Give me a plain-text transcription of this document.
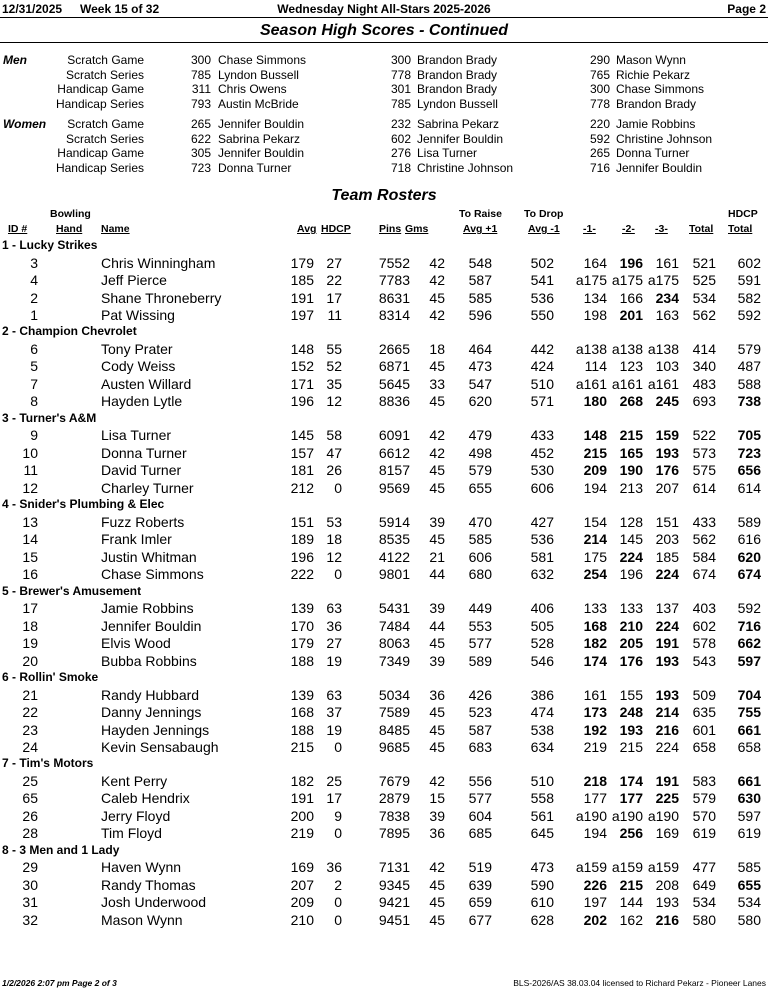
12/31/2025 Week 15 of 32	Wednesday Night All-Stars 2025-2026	Page 2
Season High Scores - Continued
Men	Scratch Game	300 Chase Simmons	300 Brandon Brady	290 Mason Wynn
Scratch Series	785 Lyndon Bussell	778 Brandon Brady	765 Richie Pekarz
Handicap Game	311 Chris Owens	301 Brandon Brady	300 Chase Simmons
Handicap Series	793 Austin McBride	785 Lyndon Bussell	778 Brandon Brady
Women Scratch Game	265 Jennifer Bouldin	232 Sabrina Pekarz	220 Jamie Robbins
Scratch Series	622 Sabrina Pekarz	602 Jennifer Bouldin	592 Christine Johnson
Handicap Game	305 Jennifer Bouldin	276 Lisa Turner	265 Donna Turner
Handicap Series	723 Donna Turner	718 Christine Johnson	716 Jennifer Bouldin
Team Rosters
Bowling
ID #	Hand Name	Avg HDCP	Pins Gms
To Raise
Avg +1
To Drop
Avg -1 -1- -2- -3- Total
HDCP
Total
1 - Lucky Strikes
3	Chris Winningham	179 27	7552 42 548	502 164 196 161 521 602
4	Jeff Pierce	185 22	7783 42 587	541 a175 a175 a175 525 591
2	Shane Throneberry	191 17	8631 45 585	536 134 166 234 534 582
1	Pat Wissing	197 11	8314 42 596	550 198 201 163 562 592
2 - Champion Chevrolet
6	Tony Prater	148 55	2665 18 464	442 a138 a138 a138 414 579
5	Cody Weiss	152 52	6871 45 473	424 114 123 103 340 487
7	Austen Willard	171 35	5645 33 547	510 a161 a161 a161 483 588
8	Hayden Lytle	196 12	8836 45 620	571 180 268 245 693 738
3 - Turner's A&M
9	Lisa Turner	145 58	6091 42 479	433 148 215 159 522 705
10	Donna Turner	157 47	6612 42 498	452 215 165 193 573 723
11	David Turner	181 26	8157 45 579	530 209 190 176 575 656
12	Charley Turner	212 0	9569 45 655	606 194 213 207 614 614
4 - Snider's Plumbing & Elec
13	Fuzz Roberts	151 53	5914 39 470	427 154 128 151 433 589
14	Frank Imler	189 18	8535 45 585	536 214 145 203 562 616
15	Justin Whitman	196 12	4122 21 606	581 175 224 185 584 620
16	Chase Simmons	222 0	9801 44 680	632 254 196 224 674 674
5 - Brewer's Amusement
17	Jamie Robbins	139 63	5431 39 449	406 133 133 137 403 592
18	Jennifer Bouldin	170 36	7484 44 553	505 168 210 224 602 716
19	Elvis Wood	179 27	8063 45 577	528 182 205 191 578 662
20	Bubba Robbins	188 19	7349 39 589	546 174 176 193 543 597
6 - Rollin' Smoke
21	Randy Hubbard	139 63	5034 36 426	386 161 155 193 509 704
22	Danny Jennings	168 37	7589 45 523	474 173 248 214 635 755
23	Hayden Jennings	188 19	8485 45 587	538 192 193 216 601 661
24	Kevin Sensabaugh	215 0	9685 45 683	634 219 215 224 658 658
7 - Tim's Motors
25	Kent Perry	182 25	7679 42 556	510 218 174 191 583 661
65	Caleb Hendrix	191 17	2879 15 577	558 177 177 225 579 630
26	Jerry Floyd	200 9	7838 39 604	561 a190 a190 a190 570 597
28	Tim Floyd	219 0	7895 36 685	645 194 256 169 619 619
8 - 3 Men and 1 Lady
29	Haven Wynn	169 36	7131 42 519	473 a159 a159 a159 477 585
30	Randy Thomas	207 2	9345 45 639	590 226 215 208 649 655
31	Josh Underwood	209 0	9421 45 659	610 197 144 193 534 534
32	Mason Wynn	210 0	9451 45 677	628 202 162 216 580 580
1/2/2026 2:07 pm Page 2 of 3	BLS-2026/AS 38.03.04 licensed to Richard Pekarz - Pioneer Lanes
